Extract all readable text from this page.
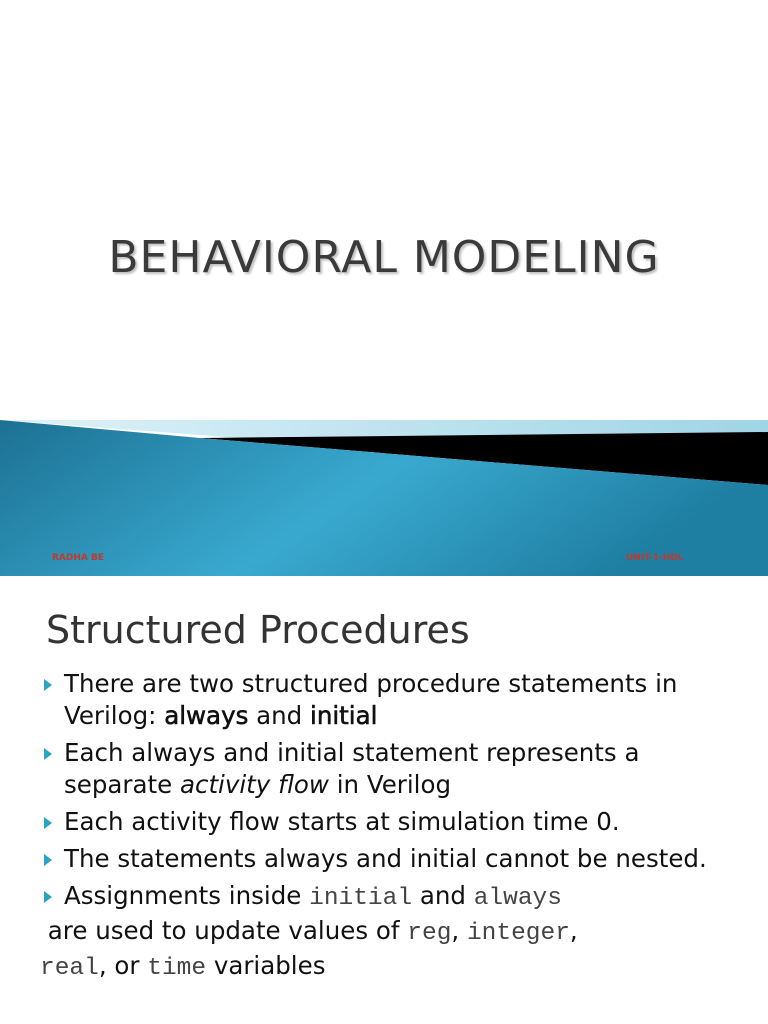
BEHAVIORAL MODELING
RADHA BE	UNIT-1-HDL
Structured Procedures
There are two structured procedure statements in Verilog: always and initial
Each always and initial statement represents a separate activity flow in Verilog
Each activity flow starts at simulation time 0.
The statements always and initial cannot be nested.
Assignments inside initial and always
are used to update values of reg, integer,
real, or time variables
